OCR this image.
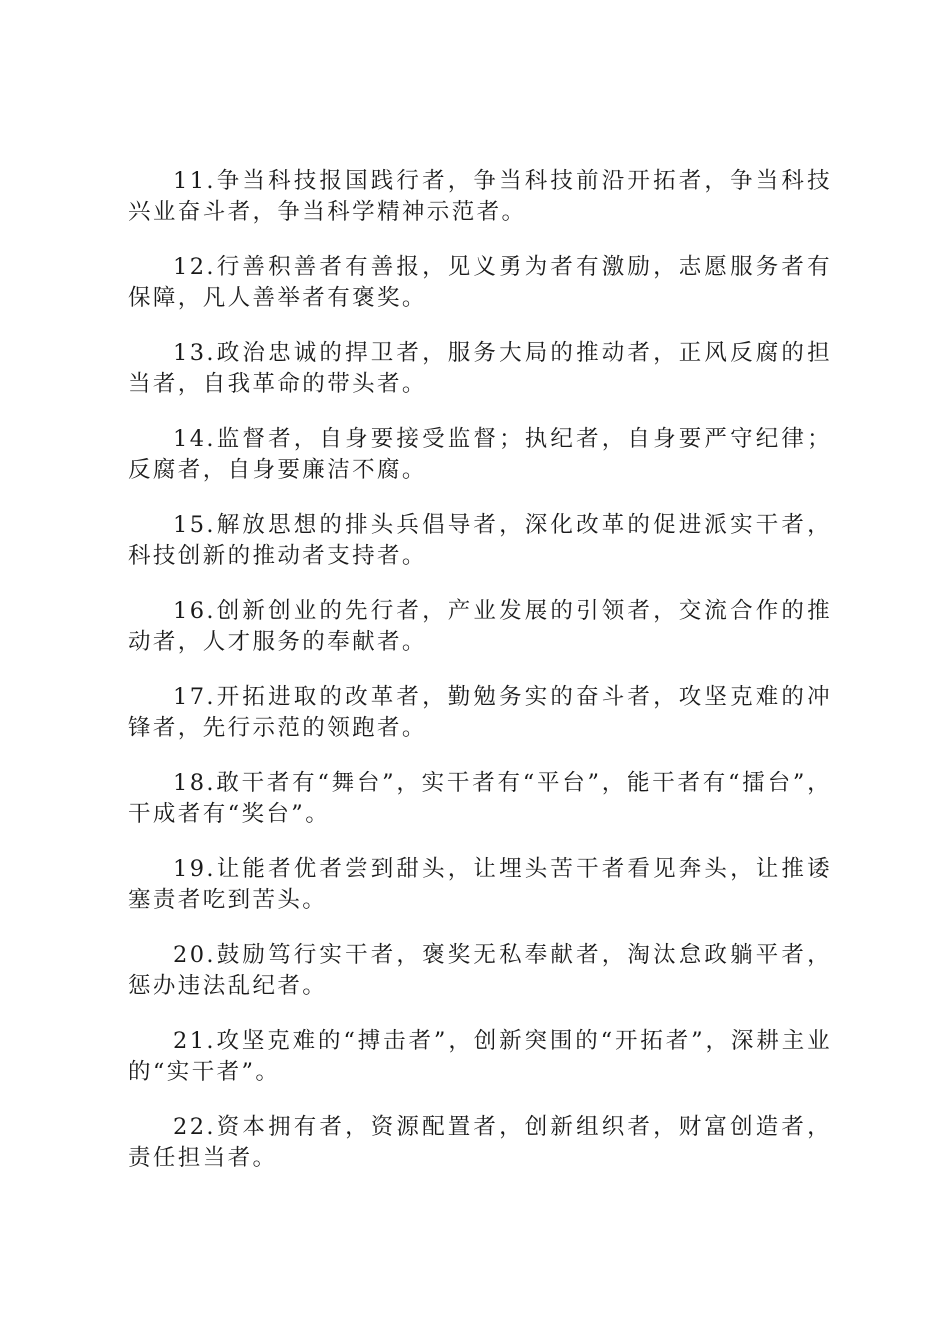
11.争当科技报国践行者，争当科技前沿开拓者，争当科技兴业奋斗者，争当科学精神示范者。

12.行善积善者有善报，见义勇为者有激励，志愿服务者有保障，凡人善举者有褒奖。

13.政治忠诚的捍卫者，服务大局的推动者，正风反腐的担当者，自我革命的带头者。

14.监督者，自身要接受监督；执纪者，自身要严守纪律；反腐者，自身要廉洁不腐。

15.解放思想的排头兵倡导者，深化改革的促进派实干者，科技创新的推动者支持者。

16.创新创业的先行者，产业发展的引领者，交流合作的推动者，人才服务的奉献者。

17.开拓进取的改革者，勤勉务实的奋斗者，攻坚克难的冲锋者，先行示范的领跑者。

18.敢干者有“舞台”，实干者有“平台”，能干者有“擂台”，干成者有“奖台”。

19.让能者优者尝到甜头，让埋头苦干者看见奔头，让推诿塞责者吃到苦头。

20.鼓励笃行实干者，褒奖无私奉献者，淘汰怠政躺平者，惩办违法乱纪者。

21.攻坚克难的“搏击者”，创新突围的“开拓者”，深耕主业的“实干者”。

22.资本拥有者，资源配置者，创新组织者，财富创造者，责任担当者。
